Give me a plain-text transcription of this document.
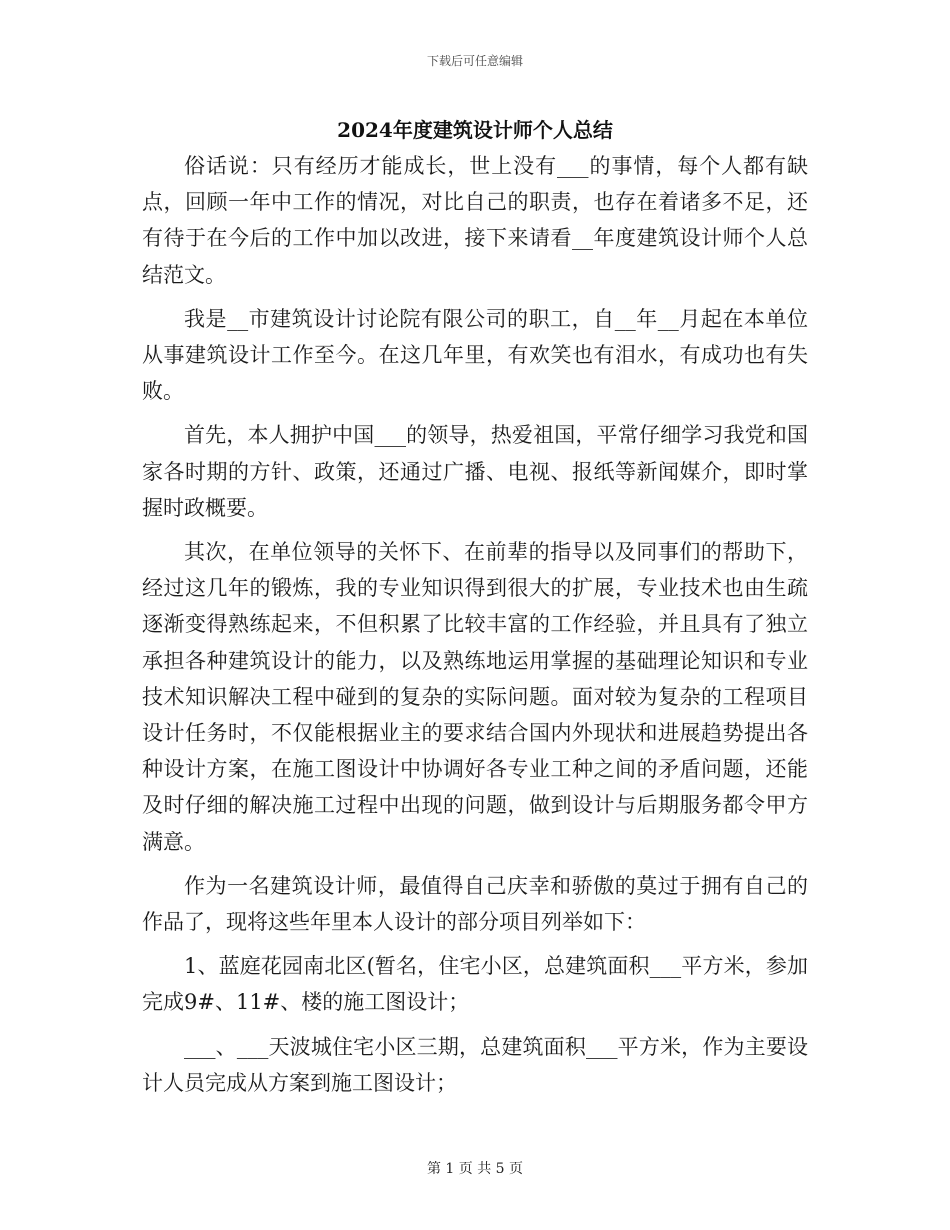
下载后可任意编辑
2024年度建筑设计师个人总结

俗话说：只有经历才能成长，世上没有___的事情，每个人都有缺点，回顾一年中工作的情况，对比自己的职责，也存在着诸多不足，还有待于在今后的工作中加以改进，接下来请看__年度建筑设计师个人总结范文。

我是__市建筑设计讨论院有限公司的职工，自__年__月起在本单位从事建筑设计工作至今。在这几年里，有欢笑也有泪水，有成功也有失败。

首先，本人拥护中国___的领导，热爱祖国，平常仔细学习我党和国家各时期的方针、政策，还通过广播、电视、报纸等新闻媒介，即时掌握时政概要。

其次，在单位领导的关怀下、在前辈的指导以及同事们的帮助下，经过这几年的锻炼，我的专业知识得到很大的扩展，专业技术也由生疏逐渐变得熟练起来，不但积累了比较丰富的工作经验，并且具有了独立承担各种建筑设计的能力，以及熟练地运用掌握的基础理论知识和专业技术知识解决工程中碰到的复杂的实际问题。面对较为复杂的工程项目设计任务时，不仅能根据业主的要求结合国内外现状和进展趋势提出各种设计方案，在施工图设计中协调好各专业工种之间的矛盾问题，还能及时仔细的解决施工过程中出现的问题，做到设计与后期服务都令甲方满意。

作为一名建筑设计师，最值得自己庆幸和骄傲的莫过于拥有自己的作品了，现将这些年里本人设计的部分项目列举如下：

1、蓝庭花园南北区(暂名，住宅小区，总建筑面积___平方米，参加完成9#、11#、楼的施工图设计；

___、___天波城住宅小区三期，总建筑面积___平方米，作为主要设计人员完成从方案到施工图设计；

第 1 页 共 5 页
